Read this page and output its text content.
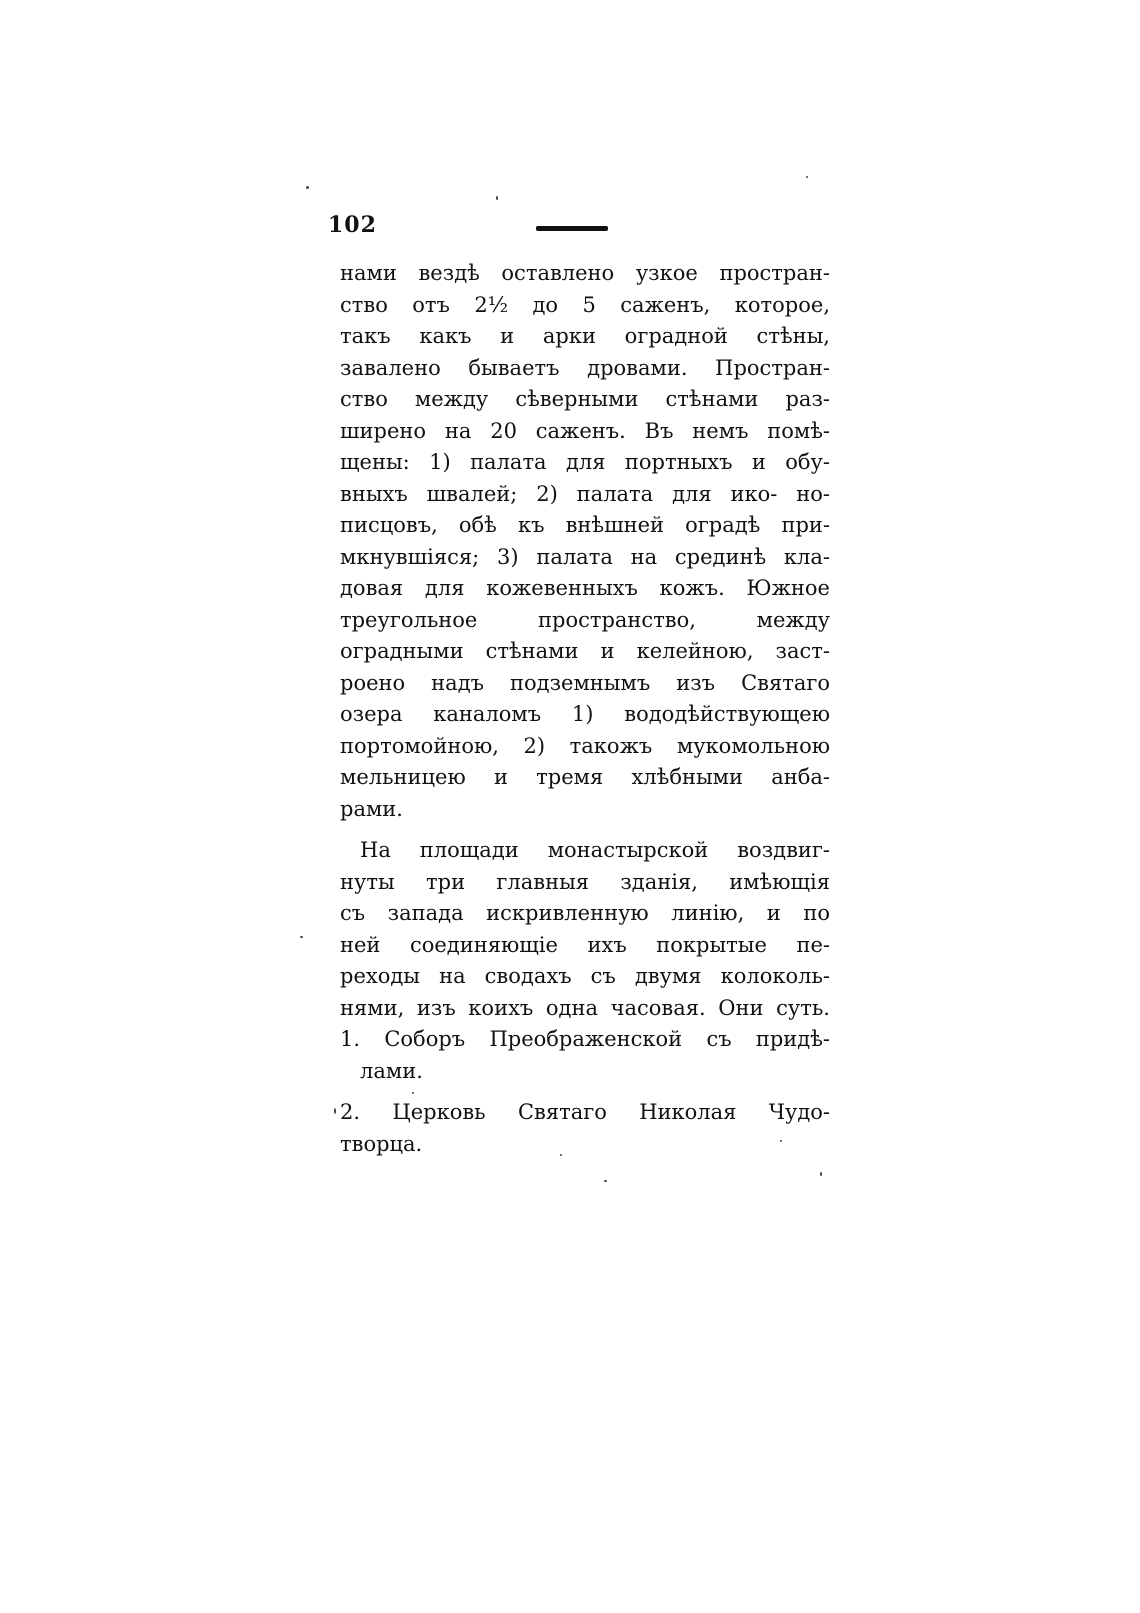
102
нами вездѣ оставлено узкое простран-
ство отъ 2½ до 5 саженъ, которое,
такъ какъ и арки оградной стѣны,
завалено бываетъ дровами. Простран-
ство между сѣверными стѣнами раз-
ширено на 20 саженъ. Въ немъ помѣ-
щены: 1) палата для портныхъ и обу-
вныхъ швалей; 2) палата для ико- но-
писцовъ, обѣ къ внѣшней оградѣ при-
мкнувшiяся; 3) палата на срединѣ кла-
довая для кожевенныхъ кожъ. Южное
треугольное пространство, между
оградными стѣнами и келейною, заст-
роено надъ подземнымъ изъ Святаго
озера каналомъ 1) вододѣйствующею
портомойною, 2) такожъ мукомольною
мельницею и тремя хлѣбными анба-
рами.
На площади монастырской воздвиг-
нуты три главныя зданiя, имѣющiя
съ запада искривленную линiю, и по
ней соединяющiе ихъ покрытые пе-
реходы на сводахъ съ двумя колоколь-
нями, изъ коихъ одна часовая. Они суть.
1. Соборъ Преображенской съ придѣ-
лами.
2. Церковь Святаго Николая Чудо-
творца.
